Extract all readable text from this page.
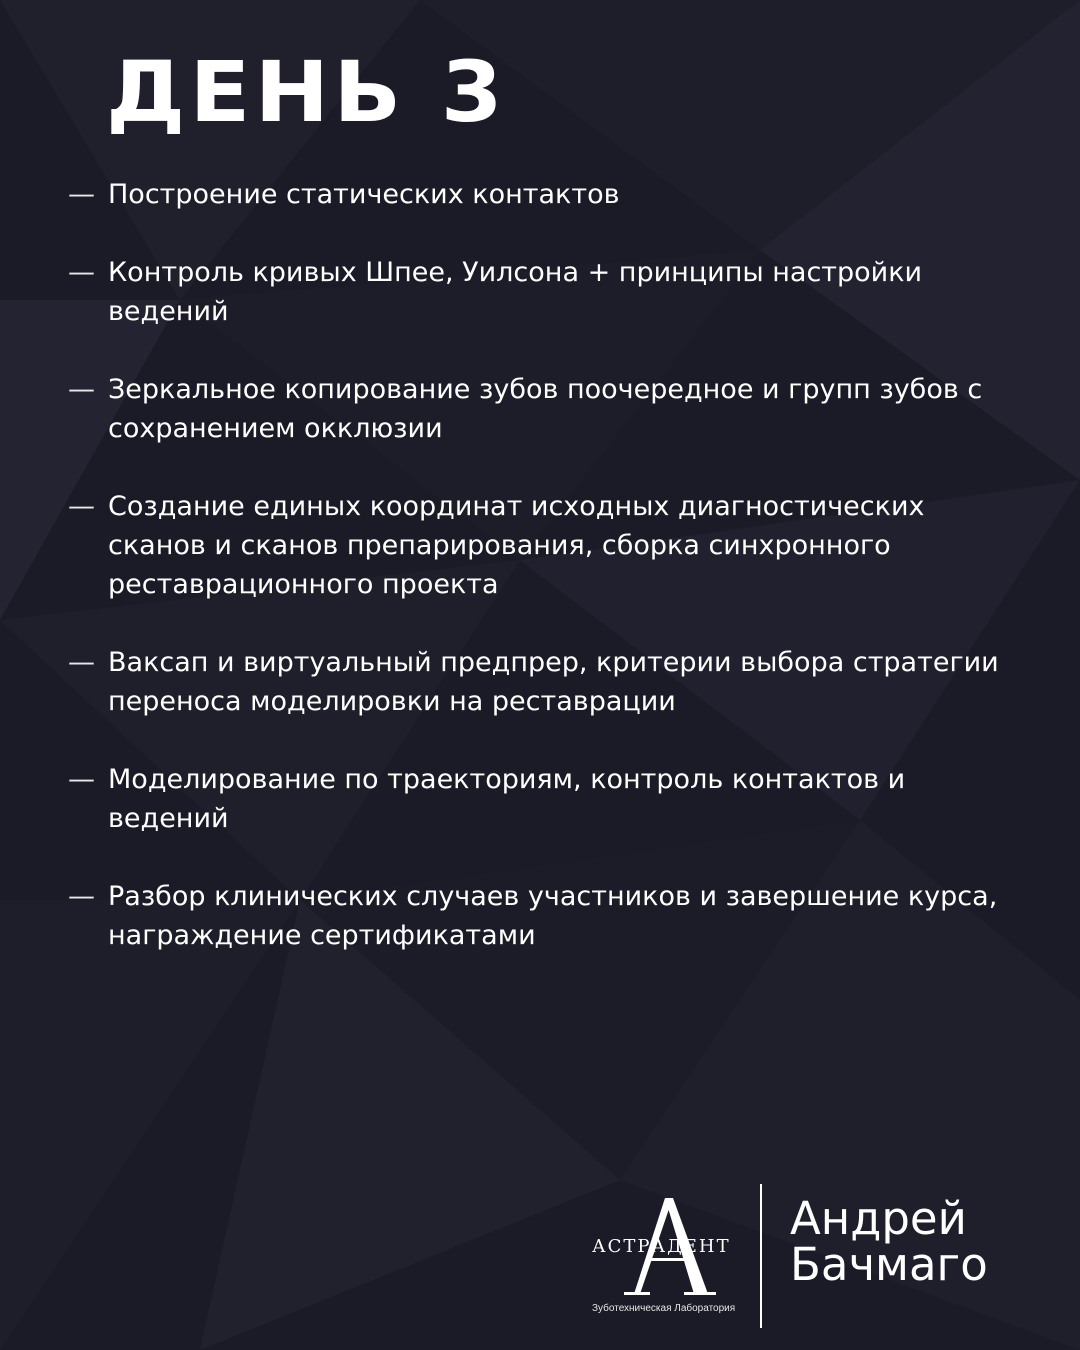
ДЕНЬ 3
— Построение статических контактов
— Контроль кривых Шпее, Уилсона + принципы настройки ведений
— Зеркальное копирование зубов поочередное и групп зубов с сохранением окклюзии
— Создание единых координат исходных диагностических сканов и сканов препарирования, сборка синхронного реставрационного проекта
— Ваксап и виртуальный предпрep, критерии выбора стратегии переноса моделировки на реставрации
— Моделирование по траекториям, контроль контактов и ведений
— Разбор клинических случаев участников и завершение курса, награждение сертификатами
АСТРАДЕНТ
Зуботехническая Лаборатория
Андрей
Бачмаго
